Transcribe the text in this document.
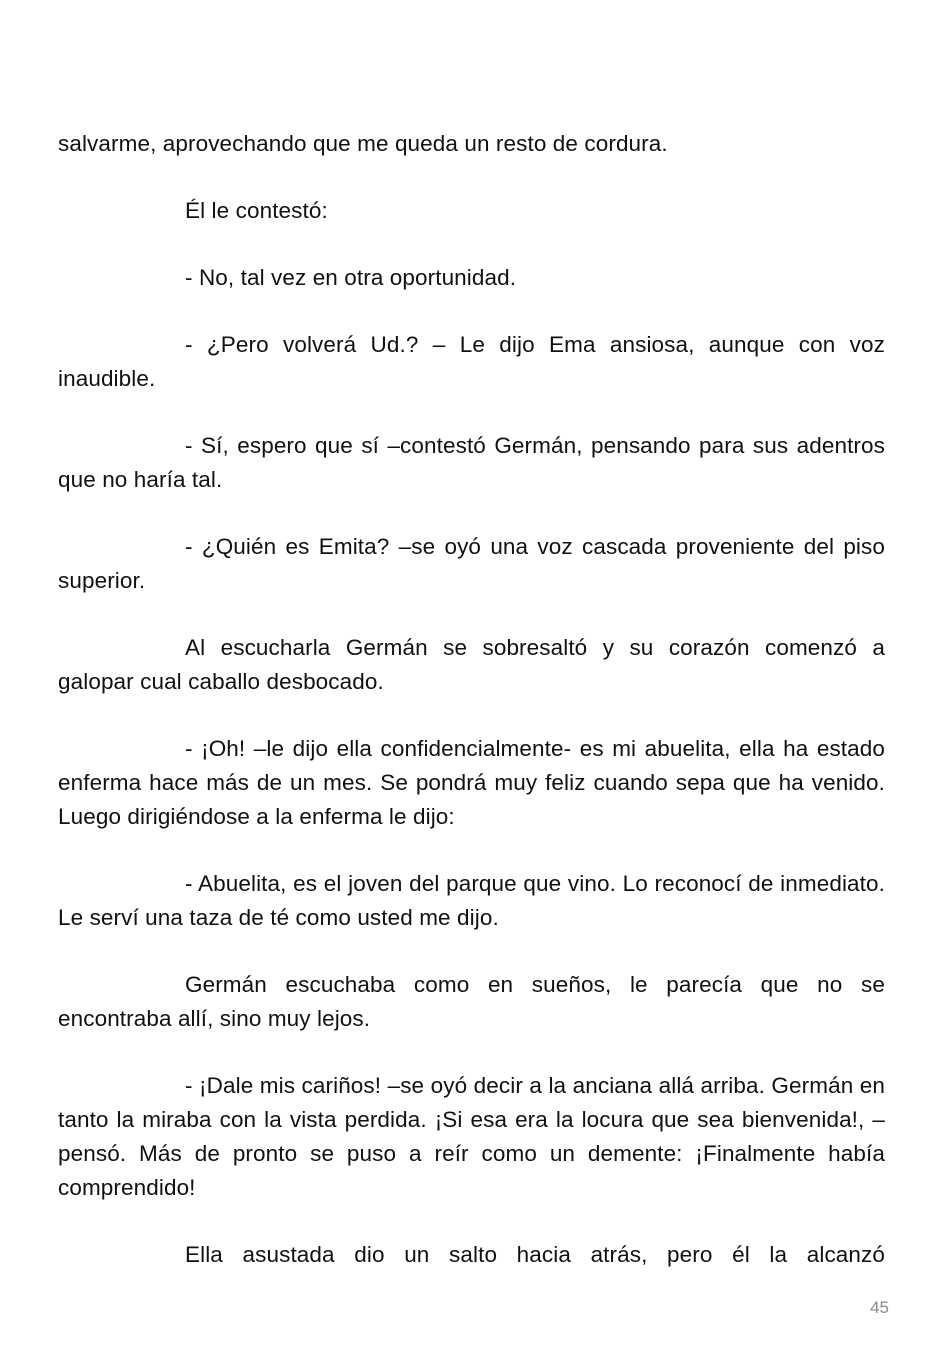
salvarme, aprovechando que me queda un resto de cordura.

Él le contestó:

- No, tal vez en otra oportunidad.

- ¿Pero volverá Ud.? – Le dijo Ema ansiosa, aunque con voz inaudible.

- Sí, espero que sí –contestó Germán, pensando para sus adentros que no haría tal.

- ¿Quién es Emita? –se oyó una voz cascada proveniente del piso superior.

Al escucharla Germán se sobresaltó y su corazón comenzó a galopar cual caballo desbocado.

- ¡Oh! –le dijo ella confidencialmente- es mi abuelita, ella ha estado enferma hace más de un mes. Se pondrá muy feliz cuando sepa que ha venido. Luego dirigiéndose a la enferma le dijo:

- Abuelita, es el joven del parque que vino. Lo reconocí de inmediato. Le serví una taza de té como usted me dijo.

Germán escuchaba como en sueños, le parecía que no se encontraba allí, sino muy lejos.

- ¡Dale mis cariños! –se oyó decir a la anciana allá arriba. Germán en tanto la miraba con la vista perdida. ¡Si esa era la locura que sea bienvenida!, –pensó. Más de pronto se puso a reír como un demente: ¡Finalmente había comprendido!

Ella asustada dio un salto hacia atrás, pero él la alcanzó

45
